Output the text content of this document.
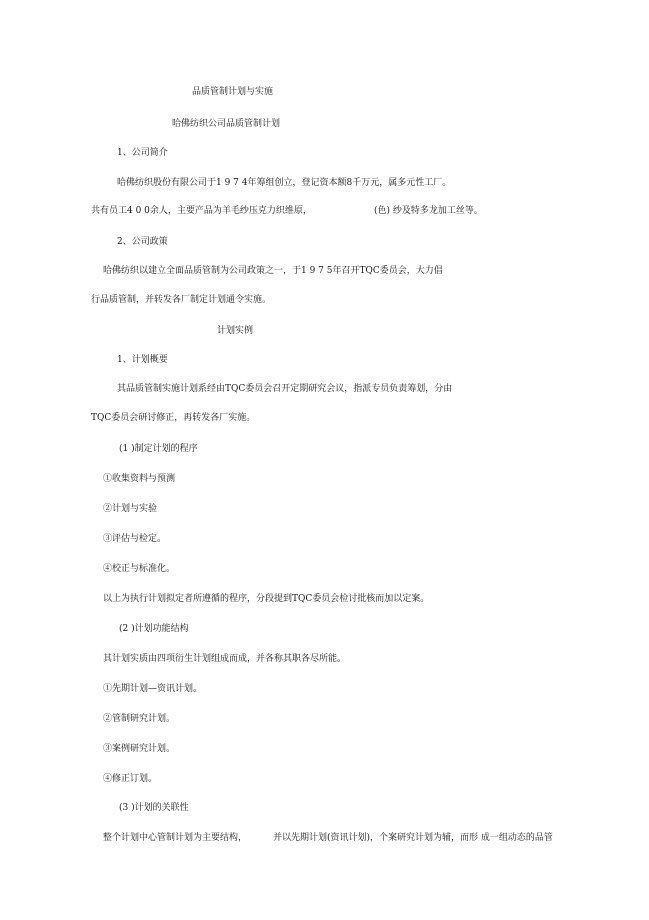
品质管制计划与实施
哈佛纺织公司品质管制计划
1、公司简介
哈佛纺织股份有限公司于1 9 7 4年筹组创立，登记资本额8千万元，属多元性工厂。
共有员工4 0 0余人，主要产品为羊毛纱压克力织维原，	(色) 纱及特多龙加工丝等。
2、公司政策
哈佛纺织以建立全面品质管制为公司政策之一，于1 9 7 5年召开TQC委员会，大力倡
行品质管制，并转发各厂制定计划通令实施。
计划实例
1、计划概要
其品质管制实施计划系经由TQC委员会召开定期研究会议，指派专员负责筹划，分由
TQC委员会研讨修正，再转发各厂实施。
(1 )制定计划的程序
①收集资料与预测
②计划与实验
③评估与检定。
④校正与标准化。
以上为执行计划拟定者所遵循的程序，分段提到TQC委员会检讨批核而加以定案。
(2 )计划功能结构
其计划实质由四项衍生计划组成而成，并各称其职各尽所能。
①先期计划—资讯计划。
②管制研究计划。
③案例研究计划。
④修正订划。
(3 )计划的关联性
整个计划中心管制计划为主要结构，	并以先期计划(资讯计划)，个案研究计划为辅，而形 成一组动态的品管
